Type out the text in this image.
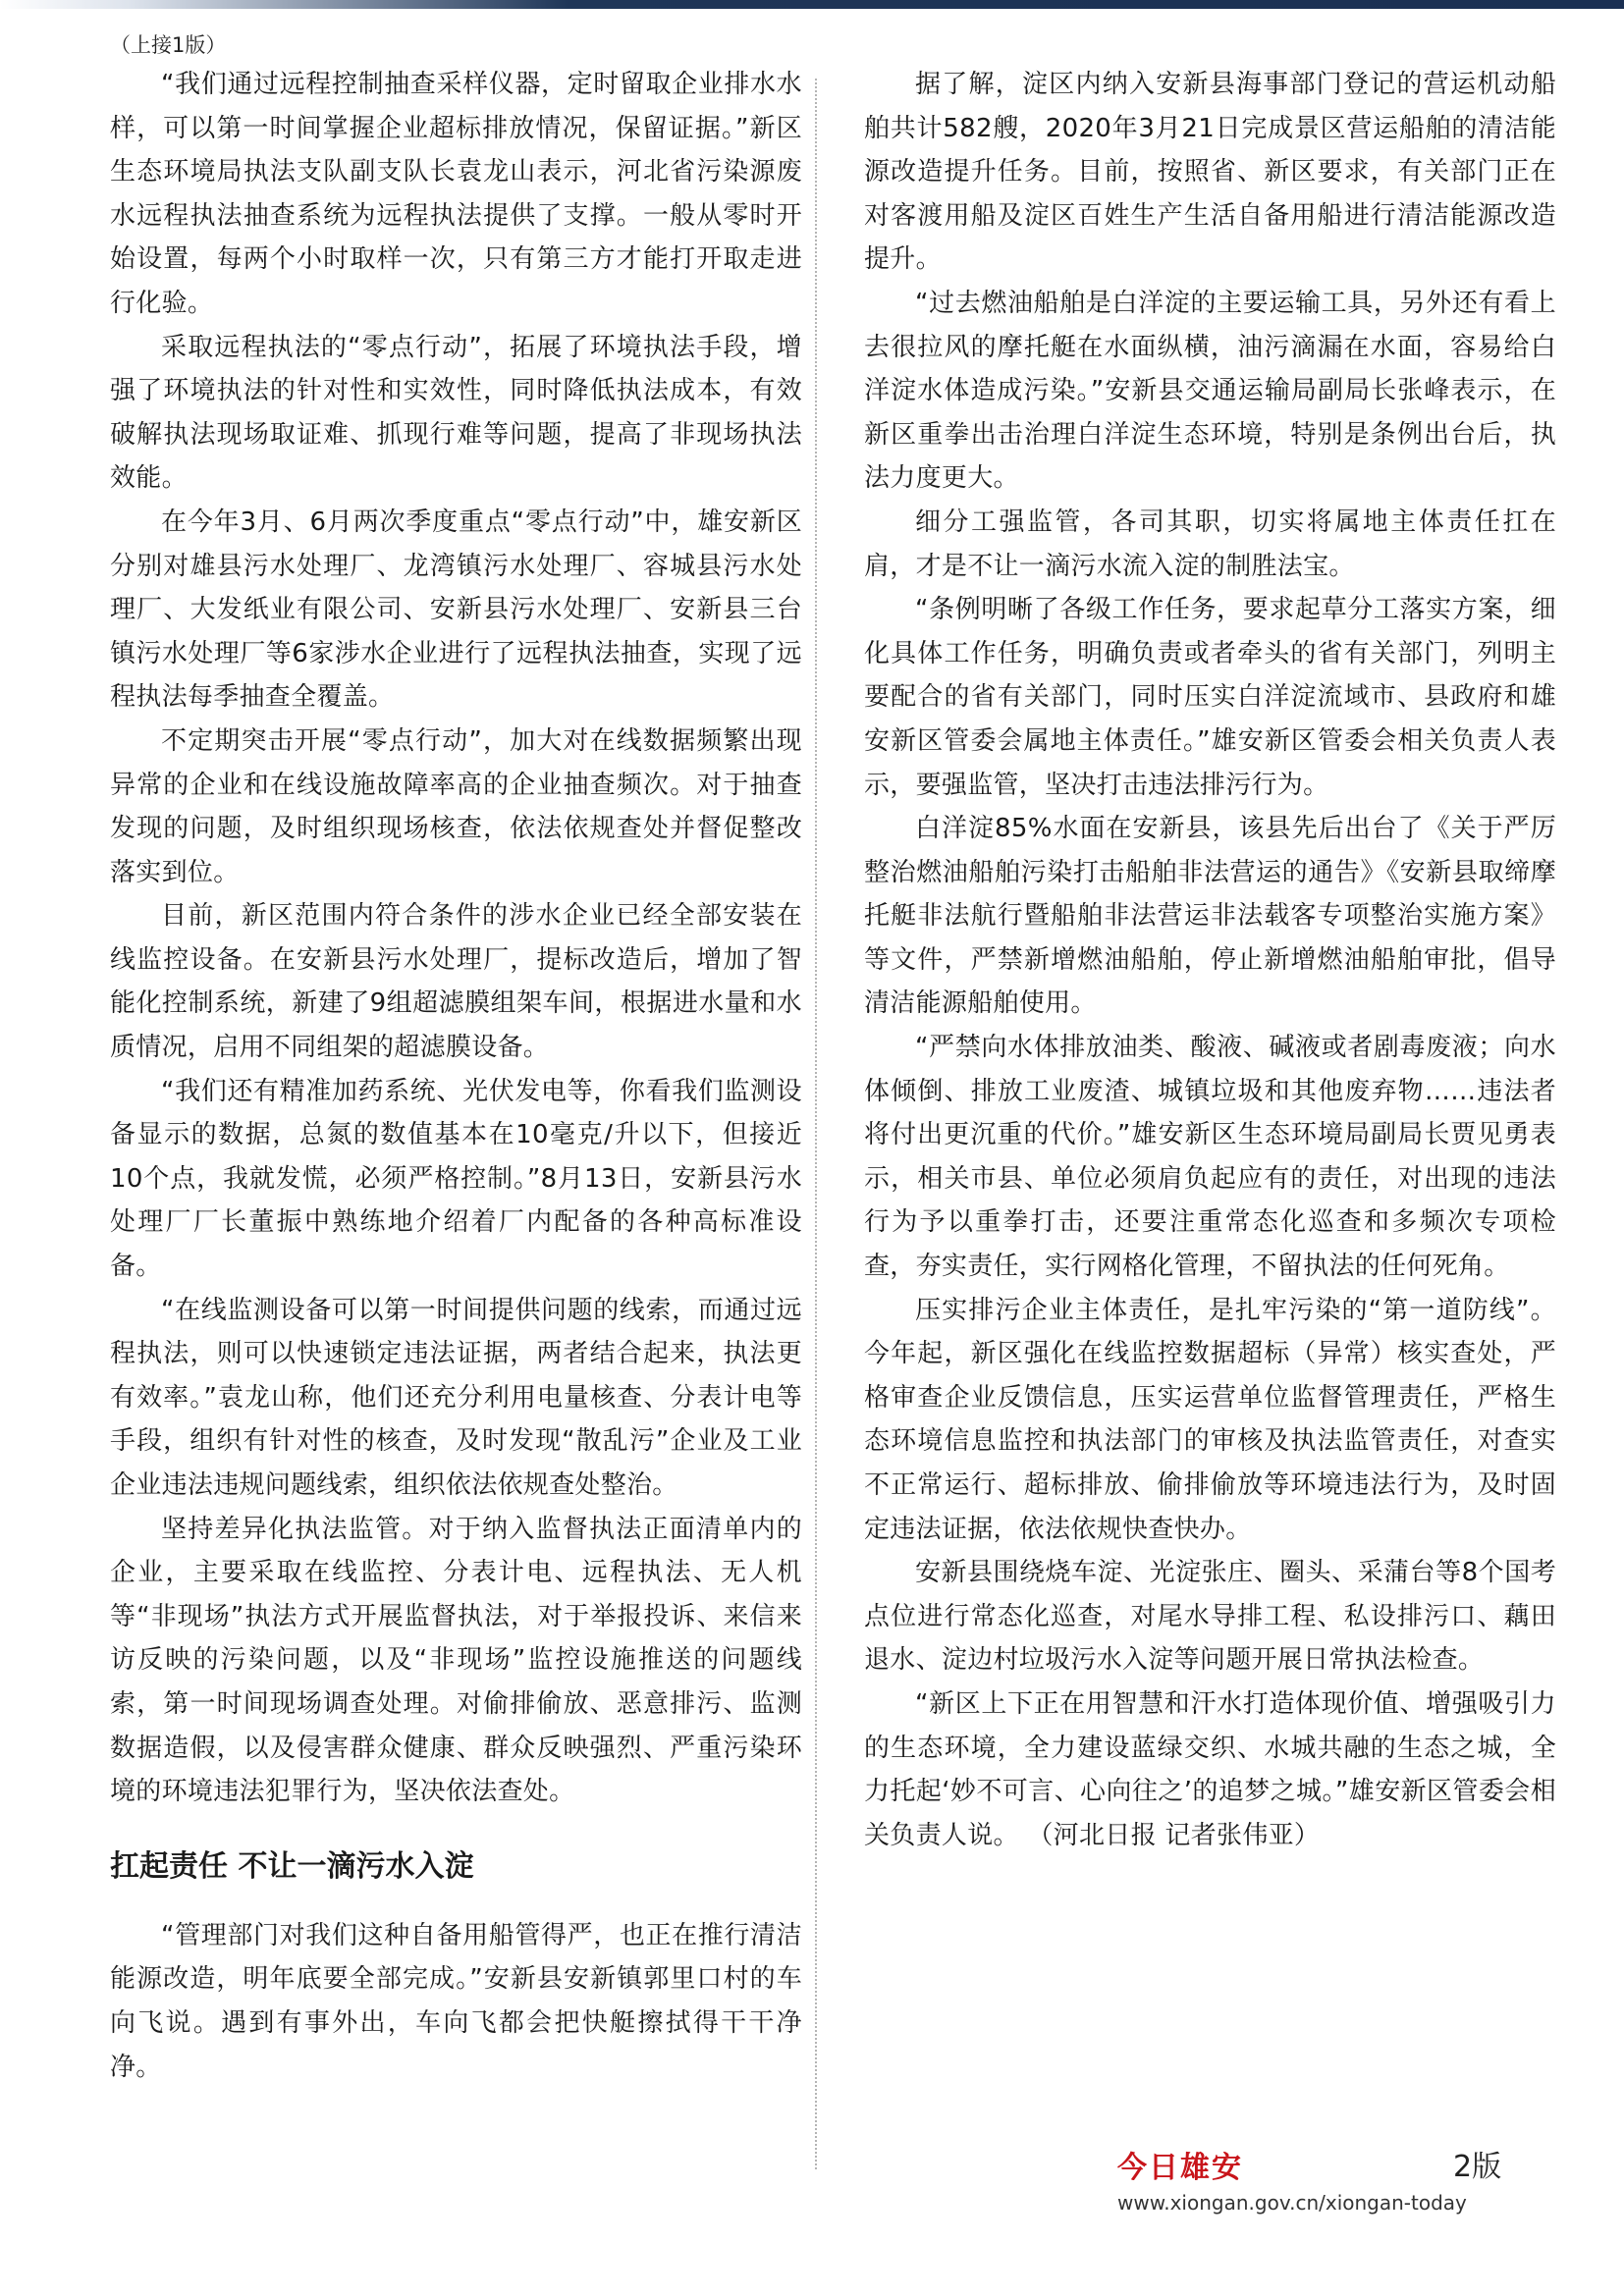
（上接1版）

“我们通过远程控制抽查采样仪器，定时留取企业排水水样，可以第一时间掌握企业超标排放情况，保留证据。”新区生态环境局执法支队副支队长袁龙山表示，河北省污染源废水远程执法抽查系统为远程执法提供了支撑。一般从零时开始设置，每两个小时取样一次，只有第三方才能打开取走进行化验。

采取远程执法的“零点行动”，拓展了环境执法手段，增强了环境执法的针对性和实效性，同时降低执法成本，有效破解执法现场取证难、抓现行难等问题，提高了非现场执法效能。

在今年3月、6月两次季度重点“零点行动”中，雄安新区分别对雄县污水处理厂、龙湾镇污水处理厂、容城县污水处理厂、大发纸业有限公司、安新县污水处理厂、安新县三台镇污水处理厂等6家涉水企业进行了远程执法抽查，实现了远程执法每季抽查全覆盖。

不定期突击开展“零点行动”，加大对在线数据频繁出现异常的企业和在线设施故障率高的企业抽查频次。对于抽查发现的问题，及时组织现场核查，依法依规查处并督促整改落实到位。

目前，新区范围内符合条件的涉水企业已经全部安装在线监控设备。在安新县污水处理厂，提标改造后，增加了智能化控制系统，新建了9组超滤膜组架车间，根据进水量和水质情况，启用不同组架的超滤膜设备。

“我们还有精准加药系统、光伏发电等，你看我们监测设备显示的数据，总氮的数值基本在10毫克/升以下，但接近10个点，我就发慌，必须严格控制。”8月13日，安新县污水处理厂厂长董振中熟练地介绍着厂内配备的各种高标准设备。

“在线监测设备可以第一时间提供问题的线索，而通过远程执法，则可以快速锁定违法证据，两者结合起来，执法更有效率。”袁龙山称，他们还充分利用电量核查、分表计电等手段，组织有针对性的核查，及时发现“散乱污”企业及工业企业违法违规问题线索，组织依法依规查处整治。

坚持差异化执法监管。对于纳入监督执法正面清单内的企业，主要采取在线监控、分表计电、远程执法、无人机等“非现场”执法方式开展监督执法，对于举报投诉、来信来访反映的污染问题，以及“非现场”监控设施推送的问题线索，第一时间现场调查处理。对偷排偷放、恶意排污、监测数据造假，以及侵害群众健康、群众反映强烈、严重污染环境的环境违法犯罪行为，坚决依法查处。

扛起责任 不让一滴污水入淀

“管理部门对我们这种自备用船管得严，也正在推行清洁能源改造，明年底要全部完成。”安新县安新镇郭里口村的车向飞说。遇到有事外出，车向飞都会把快艇擦拭得干干净净。

据了解，淀区内纳入安新县海事部门登记的营运机动船舶共计582艘，2020年3月21日完成景区营运船舶的清洁能源改造提升任务。目前，按照省、新区要求，有关部门正在对客渡用船及淀区百姓生产生活自备用船进行清洁能源改造提升。

“过去燃油船舶是白洋淀的主要运输工具，另外还有看上去很拉风的摩托艇在水面纵横，油污滴漏在水面，容易给白洋淀水体造成污染。”安新县交通运输局副局长张峰表示，在新区重拳出击治理白洋淀生态环境，特别是条例出台后，执法力度更大。

细分工强监管，各司其职，切实将属地主体责任扛在肩，才是不让一滴污水流入淀的制胜法宝。

“条例明晰了各级工作任务，要求起草分工落实方案，细化具体工作任务，明确负责或者牵头的省有关部门，列明主要配合的省有关部门，同时压实白洋淀流域市、县政府和雄安新区管委会属地主体责任。”雄安新区管委会相关负责人表示，要强监管，坚决打击违法排污行为。

白洋淀85%水面在安新县，该县先后出台了《关于严厉整治燃油船舶污染打击船舶非法营运的通告》《安新县取缔摩托艇非法航行暨船舶非法营运非法载客专项整治实施方案》等文件，严禁新增燃油船舶，停止新增燃油船舶审批，倡导清洁能源船舶使用。

“严禁向水体排放油类、酸液、碱液或者剧毒废液；向水体倾倒、排放工业废渣、城镇垃圾和其他废弃物……违法者将付出更沉重的代价。”雄安新区生态环境局副局长贾见勇表示，相关市县、单位必须肩负起应有的责任，对出现的违法行为予以重拳打击，还要注重常态化巡查和多频次专项检查，夯实责任，实行网格化管理，不留执法的任何死角。

压实排污企业主体责任，是扎牢污染的“第一道防线”。今年起，新区强化在线监控数据超标（异常）核实查处，严格审查企业反馈信息，压实运营单位监督管理责任，严格生态环境信息监控和执法部门的审核及执法监管责任，对查实不正常运行、超标排放、偷排偷放等环境违法行为，及时固定违法证据，依法依规快查快办。

安新县围绕烧车淀、光淀张庄、圈头、采蒲台等8个国考点位进行常态化巡查，对尾水导排工程、私设排污口、藕田退水、淀边村垃圾污水入淀等问题开展日常执法检查。

“新区上下正在用智慧和汗水打造体现价值、增强吸引力的生态环境，全力建设蓝绿交织、水城共融的生态之城，全力托起‘妙不可言、心向往之’的追梦之城。”雄安新区管委会相关负责人说。 （河北日报 记者张伟亚）

今日雄安	2版
www.xiongan.gov.cn/xiongan-today
